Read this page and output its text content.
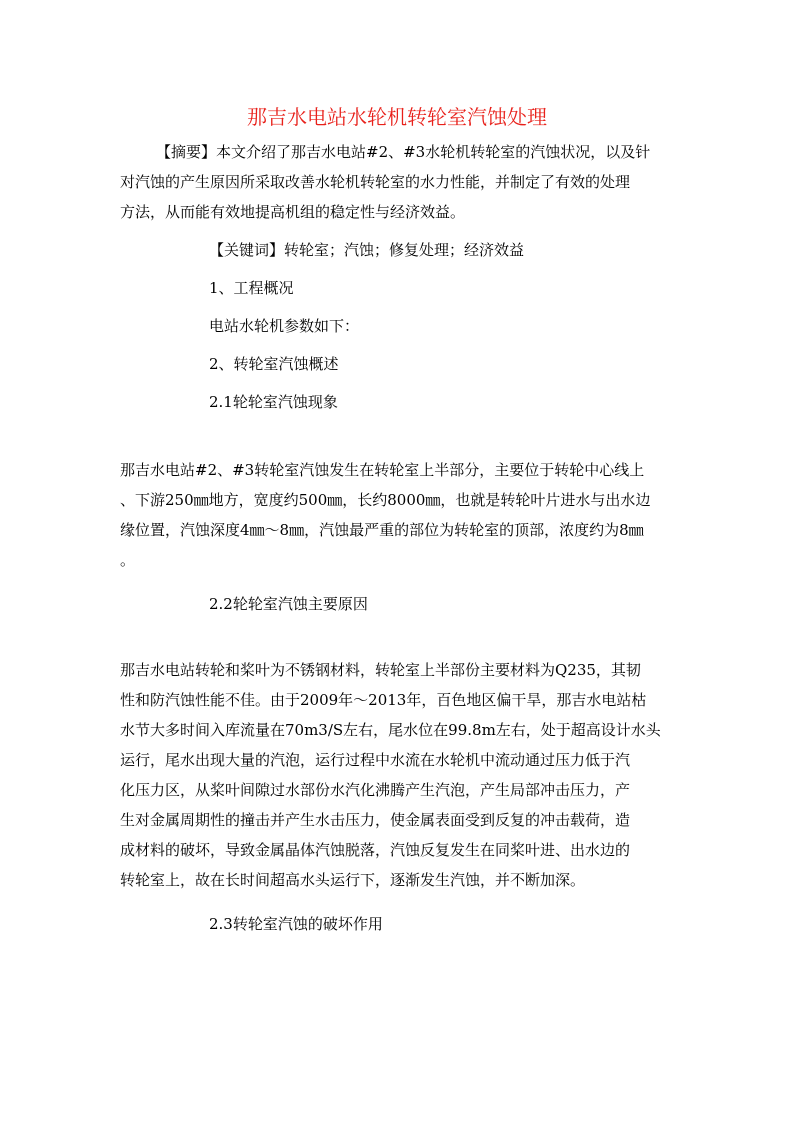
那吉水电站水轮机转轮室汽蚀处理
【摘要】本文介绍了那吉水电站#2、#3水轮机转轮室的汽蚀状况，以及针
对汽蚀的产生原因所采取改善水轮机转轮室的水力性能，并制定了有效的处理
方法，从而能有效地提高机组的稳定性与经济效益。
【关键词】转轮室；汽蚀；修复处理；经济效益
1、工程概况
电站水轮机参数如下：
2、转轮室汽蚀概述
2.1轮轮室汽蚀现象
那吉水电站#2、#3转轮室汽蚀发生在转轮室上半部分，主要位于转轮中心线上
、下游250㎜地方，宽度约500㎜，长约8000㎜，也就是转轮叶片进水与出水边
缘位置，汽蚀深度4㎜～8㎜，汽蚀最严重的部位为转轮室的顶部，浓度约为8㎜
。
2.2轮轮室汽蚀主要原因
那吉水电站转轮和桨叶为不锈钢材料，转轮室上半部份主要材料为Q235，其韧
性和防汽蚀性能不佳。由于2009年～2013年，百色地区偏干旱，那吉水电站枯
水节大多时间入库流量在70m3/S左右，尾水位在99.8m左右，处于超高设计水头
运行，尾水出现大量的汽泡，运行过程中水流在水轮机中流动通过压力低于汽
化压力区，从桨叶间隙过水部份水汽化沸腾产生汽泡，产生局部冲击压力，产
生对金属周期性的撞击并产生水击压力，使金属表面受到反复的冲击载荷，造
成材料的破坏，导致金属晶体汽蚀脱落，汽蚀反复发生在同桨叶进、出水边的
转轮室上，故在长时间超高水头运行下，逐渐发生汽蚀，并不断加深。
2.3转轮室汽蚀的破坏作用
